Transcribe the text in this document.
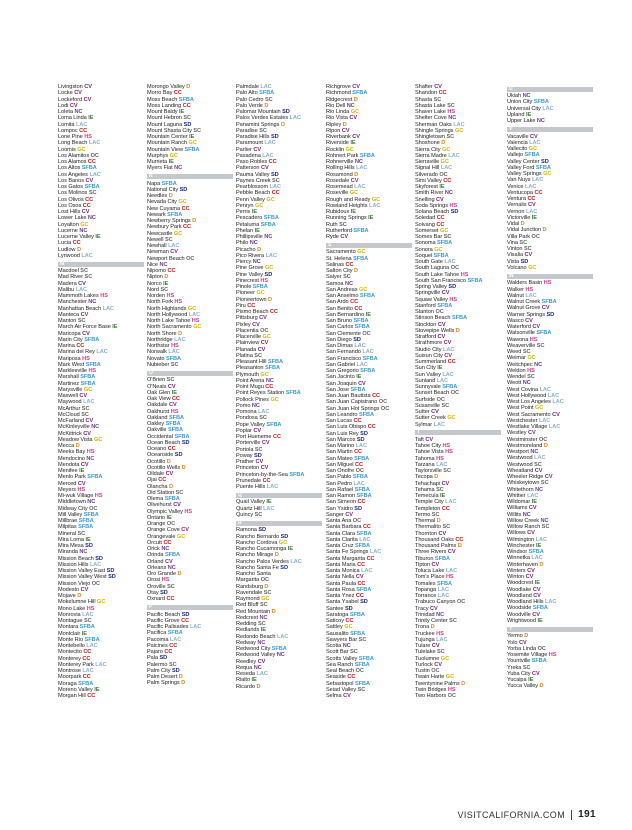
Livingston CV
Locke CV
Lockeford CV
Lodi CV
Loleta NC
Loma Linda IE
Lomita LAC
Lompoc CC
Lone Pine HS
Long Beach LAC
Loomis GC
Los Alamitos OC
Los Alamos CC
Los Altos SFBA
Los Angeles LAC
Los Banos CV
Los Gatos SFBA
Los Molinos SC
Los Olivos CC
Los Osos CC
Lost Hills CV
Lower Lake NC
Loyalton GC
Lucerne NC
Lucerne Valley IE
Lucia CC
Ludlow D
Lynwood LAC
M
Macdoel SC
Mad River SC
Madera CV
Malibu LAC
Mammoth Lakes HS
Manchester NC
Manhattan Beach LAC
Manteca CV
Manton SC
March Air Force Base IE
Maricopa CV
Marin City SFBA
Marina CC
Marina del Rey LAC
Mariposa HS
Mark West SFBA
Markleeville HS
Marshall SFBA
Martinez SFBA
Marysville GC
Maxwell CV
Maywood LAC
McArthur SC
McCloud SC
McFarland CV
McKinleyville NC
McKittrick CV
Meadow Vista GC
Mecca D
Meeks Bay HS
Mendocino NC
Mendota CV
Menifee IE
Menlo Park SFBA
Merced CV
Meyers HS
Mi-wuk Village HS
Middletown NC
Midway City OC
Mill Valley SFBA
Millbrae SFBA
Milpitas SFBA
Mineral SC
Mira Loma IE
Mira Mesa SD
Miranda NC
Mission Beach SD
Mission Hills LAC
Mission Valley East SD
Mission Valley West SD
Mission Viejo OC
Modesto CV
Mojave D
Mokelumne Hill GC
Mono Lake HS
Monrovia LAC
Montague SC
Montara SFBA
Montclair IE
Monte Rio SFBA
Montebello LAC
Montecito CC
Monterey CC
Monterey Park LAC
Montrose LAC
Moorpark CC
Moraga SFBA
Moreno Valley IE
Morgan Hill CC
Morongo Valley D
Morro Bay CC
Moss Beach SFBA
Moss Landing CC
Mount Baldy IE
Mount Hebron SC
Mount Laguna SD
Mount Shasta City SC
Mountain Center IE
Mountain Ranch GC
Mountain View SFBA
Murphys GC
Murrieta IE
Myers Flat NC
N
Napa SFBA
National City SD
Needles D
Nevada City GC
New Cuyama CC
Newark SFBA
Newberry Springs D
Newbury Park CC
Newcastle GC
Newell SC
Newhall LAC
Newman CV
Newport Beach OC
Nice NC
Nipomo CC
Nipton D
Norco IE
Nord SC
Norden HS
North Fork HS
North Highlands GC
North Hollywood LAC
North Lake Tahoe HS
North Sacramento GC
North Shore D
Northridge LAC
Northstar HS
Norwalk LAC
Novato SFBA
Nubieber SC
O
O'Brien SC
O'Neals CV
Oak Glen IE
Oak View CC
Oakdale CV
Oakhurst HS
Oakland SFBA
Oakley SFBA
Oakville SFBA
Occidental SFBA
Ocean Beach SD
Oceano CC
Oceanside SD
Ocotillo D
Ocotillo Wells D
Oildale CV
Ojai CC
Olancha D
Old Station SC
Olema SFBA
Olivehurst CV
Olympic Valley HS
Ontario IE
Orange OC
Orange Cove CV
Orangevale GC
Orcutt CC
Orick NC
Orinda SFBA
Orland CV
Orleans NC
Oro Grande D
Orosi HS
Oroville SC
Otay SD
Oxnard CC
P
Pacific Beach SD
Pacific Grove CC
Pacific Palisades LAC
Pacifica SFBA
Pacoima LAC
Paicines CC
Pajaro CC
Pala SD
Palermo SC
Palm City SD
Palm Desert D
Palm Springs D
Palmdale LAC
Palo Alto SFBA
Palo Cedro SC
Palo Verde D
Palomar Mountain SD
Palos Verdes Estates LAC
Panamint Springs D
Paradise SC
Paradise Hills SD
Paramount LAC
Parlier CV
Pasadena LAC
Paso Robles CC
Patterson CV
Pauma Valley SD
Paynes Creek SC
Pearblossom LAC
Pebble Beach CC
Penn Valley GC
Penryn GC
Perris IE
Pescadero SFBA
Petaluma SFBA
Phelan IE
Phillipsville NC
Philo NC
Picacho D
Pico Rivera LAC
Piercy NC
Pine Grove GC
Pine Valley SD
Pinecrest HS
Pinole SFBA
Pioneer GC
Pioneertown D
Piru CC
Pismo Beach CC
Pittsburg CV
Pixley CV
Placentia OC
Placerville GC
Plainview CV
Planada CV
Platina SC
Pleasant Hill SFBA
Pleasanton SFBA
Plymouth GC
Point Arena NC
Point Mugu CC
Point Reyes Station SFBA
Pollock Pines GC
Pomo NC
Pomona LAC
Pondosa SC
Pope Valley SFBA
Poplar CV
Port Hueneme CC
Porterville CV
Portola SC
Poway SD
Prather CV
Princeton CV
Princeton-by-the-Sea SFBA
Prunedale CC
Puente Hills LAC
Q
Quail Valley IE
Quartz Hill LAC
Quincy SC
R
Ramona SD
Rancho Bernardo SD
Rancho Cordova GC
Rancho Cucamonga IE
Rancho Mirage D
Rancho Palos Verdes LAC
Rancho Santa Fe SD
Rancho Santa
Margarita OC
Randsburg D
Ravendale SC
Raymond GC
Red Bluff SC
Red Mountain D
Redcrest NC
Redding SC
Redlands IE
Redondo Beach LAC
Redway NC
Redwood City SFBA
Redwood Valley NC
Reedley CV
Requa NC
Reseda LAC
Rialto IE
Ricardo D
Richgrove CV
Richmond SFBA
Ridgecrest D
Rio Dell NC
Rio Linda GC
Rio Vista CV
Ripley D
Ripon CV
Riverbank CV
Riverside IE
Rocklin GC
Rohnert Park SFBA
Rohnerville NC
Rolling Hills LAC
Rosamond D
Rosedale CV
Rosemead LAC
Roseville GC
Rough and Ready GC
Rowland Heights LAC
Rubidoux IE
Running Springs IE
Ruth SC
Rutherford SFBA
Ryde CV
S
Sacramento GC
St. Helena SFBA
Salinas CC
Salton City D
Salyer SC
Samoa NC
San Andreas GC
San Anselmo SFBA
San Ardo CC
San Benito CC
San Bernardino IE
San Bruno SFBA
San Carlos SFBA
San Clemente OC
San Diego SD
San Dimas LAC
San Fernando LAC
San Francisco SFBA
San Gabriel LAC
San Gregorio SFBA
San Jacinto IE
San Joaquin CV
San Jose SFBA
San Juan Bautista CC
San Juan Capistrano OC
San Juan Hot Springs OC
San Leandro SFBA
San Lucas CC
San Luis Obispo CC
San Luis Rey SD
San Marcos SD
San Marino LAC
San Martin CC
San Mateo SFBA
San Miguel CC
San Onofre OC
San Pablo SFBA
San Pedro LAC
San Rafael SFBA
San Ramon SFBA
San Simeon CC
San Ysidro SD
Sanger CV
Santa Ana OC
Santa Barbara CC
Santa Clara SFBA
Santa Clarita LAC
Santa Cruz SFBA
Santa Fe Springs LAC
Santa Margarita CC
Santa Maria CC
Santa Monica LAC
Santa Nella CV
Santa Paula CC
Santa Rosa SFBA
Santa Ynez CC
Santa Ysabel SD
Santee SD
Saratoga SFBA
Saticoy CC
Sattley GC
Sausalito SFBA
Sawyers Bar SC
Scotia NC
Scott Bar SC
Scotts Valley SFBA
Sea Ranch SFBA
Seal Beach OC
Seaside CC
Sebastopol SFBA
Seiad Valley SC
Selma CV
Shafter CV
Shandon CC
Shasta SC
Shasta Lake SC
Shaver Lake HS
Shelter Cove NC
Sherman Oaks LAC
Shingle Springs GC
Shingletown SC
Shoshone D
Sierra City GC
Sierra Madre LAC
Sierraville GC
Signal Hill LAC
Silverado OC
Simi Valley CC
Skyforest IE
Smith River NC
Snelling CV
Soda Springs HS
Solana Beach SD
Soledad CC
Solvang CC
Somerset GC
Somes Bar SC
Sonoma SFBA
Sonora GC
Soquel SFBA
South Gate LAC
South Laguna OC
South Lake Tahoe HS
South San Francisco SFBA
Spring Valley SD
Springville CV
Squaw Valley HS
Stanford SFBA
Stanton OC
Stinson Beach SFBA
Stockton CV
Stovepipe Wells D
Stratford CV
Strathmore CV
Studio City LAC
Suisun City CV
Summerland CC
Sun City IE
Sun Valley LAC
Sunland LAC
Sunnyvale SFBA
Sunset Beach OC
Surfside OC
Susanville SC
Sutter CV
Sutter Creek GC
Sylmar LAC
T
Taft CV
Tahoe City HS
Tahoe Vista HS
Tahoma HS
Tarzana LAC
Taylorsville SC
Tecopa D
Tehachapi CV
Tehama SC
Temecula IE
Temple City LAC
Templeton CC
Termo SC
Thermal D
Thermalito SC
Thornton CV
Thousand Oaks CC
Thousand Palms D
Three Rivers CV
Tiburon SFBA
Tipton CV
Toluca Lake LAC
Tom's Place HS
Tomales SFBA
Topanga LAC
Torrance LAC
Trabuco Canyon OC
Tracy CV
Trinidad NC
Trinity Center SC
Trona D
Truckee HS
Tujunga LAC
Tulare CV
Tulelake SC
Tuolumne GC
Turlock CV
Tustin OC
Twain Harte GC
Twentynine Palms D
Twin Bridges HS
Two Harbors OC
U
Ukiah NC
Union City SFBA
Universal City LAC
Upland IE
Upper Lake NC
V
Vacaville CV
Valencia LAC
Vallecito GC
Vallejo SFBA
Valley Center SD
Valley Ford SFBA
Valley Springs GC
Van Nuys LAC
Venice LAC
Ventucopa CC
Ventura CC
Vernalis CV
Vernon LAC
Victorville IE
Vidal D
Vidal Junction D
Villa Park OC
Vina SC
Vinton SC
Visalia CV
Vista SD
Volcano GC
W
Walders Basin HS
Walker HS
Walnut LAC
Walnut Creek SFBA
Walnut Grove CV
Warner Springs SD
Wasco CV
Waterford CV
Watsonville SFBA
Wawona HS
Weaverville SC
Weed SC
Weimar GC
Weitchpec NC
Weldon HS
Wendel SC
Weott NC
West Covina LAC
West Hollywood LAC
West Los Angeles LAC
West Point GC
West Sacramento CV
Westchester LAC
Westlake Village LAC
Westley CV
Westminster OC
Westmoreland D
Westport NC
Westwood LAC
Westwood SC
Wheatland CV
Wheeler Ridge CV
Whiskeytown SC
Whitethorn NC
Whittier LAC
Wildomar IE
Williams CV
Willits NC
Willow Creek NC
Willow Ranch SC
Willows CV
Wilmington LAC
Winchester IE
Windsor SFBA
Winnetka LAC
Winterhaven D
Winters CV
Winton CV
Woodcrest IE
Woodlake CV
Woodland CV
Woodland Hills LAC
Woodside SFBA
Woodville CV
Wrightwood IE
Y
Yermo D
Yolo CV
Yorba Linda OC
Yosemite Village HS
Yountville SFBA
Yreka SC
Yuba City CV
Yucaipa IE
Yucca Valley D
VISITCALIFORNIA.COM 191
